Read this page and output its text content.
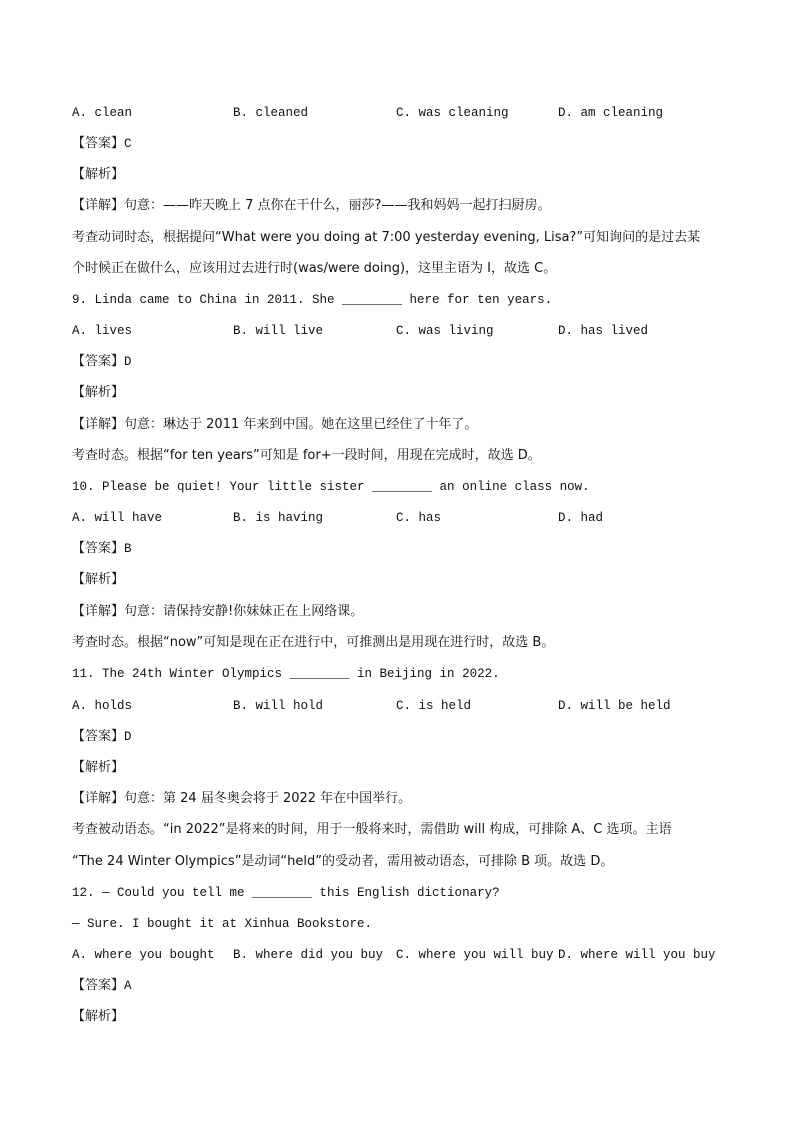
A. clean	B. cleaned	C. was cleaning	D. am cleaning
【答案】C
【解析】
【详解】句意：——昨天晚上 7 点你在干什么，丽莎?——我和妈妈一起打扫厨房。
考查动词时态，根据提问“What were you doing at 7:00 yesterday evening, Lisa?”可知询问的是过去某
个时候正在做什么，应该用过去进行时(was/were doing)，这里主语为 I，故选 C。
9. Linda came to China in 2011. She ________ here for ten years.
A. lives	B. will live	C. was living	D. has lived
【答案】D
【解析】
【详解】句意：琳达于 2011 年来到中国。她在这里已经住了十年了。
考查时态。根据“for ten years”可知是 for+一段时间，用现在完成时，故选 D。
10. Please be quiet! Your little sister ________ an online class now.
A. will have	B. is having	C. has	D. had
【答案】B
【解析】
【详解】句意：请保持安静!你妹妹正在上网络课。
考查时态。根据“now”可知是现在正在进行中，可推测出是用现在进行时，故选 B。
11. The 24th Winter Olympics ________ in Beijing in 2022.
A. holds	B. will hold	C. is held	D. will be held
【答案】D
【解析】
【详解】句意：第 24 届冬奥会将于 2022 年在中国举行。
考查被动语态。“in 2022”是将来的时间，用于一般将来时，需借助 will 构成，可排除 A、C 选项。主语
“The 24 Winter Olympics”是动词“held”的受动者，需用被动语态，可排除 B 项。故选 D。
12. — Could you tell me ________ this English dictionary?
— Sure. I bought it at Xinhua Bookstore.
A. where you bought B. where did you buy C. where you will buy D. where will you buy
【答案】A
【解析】
